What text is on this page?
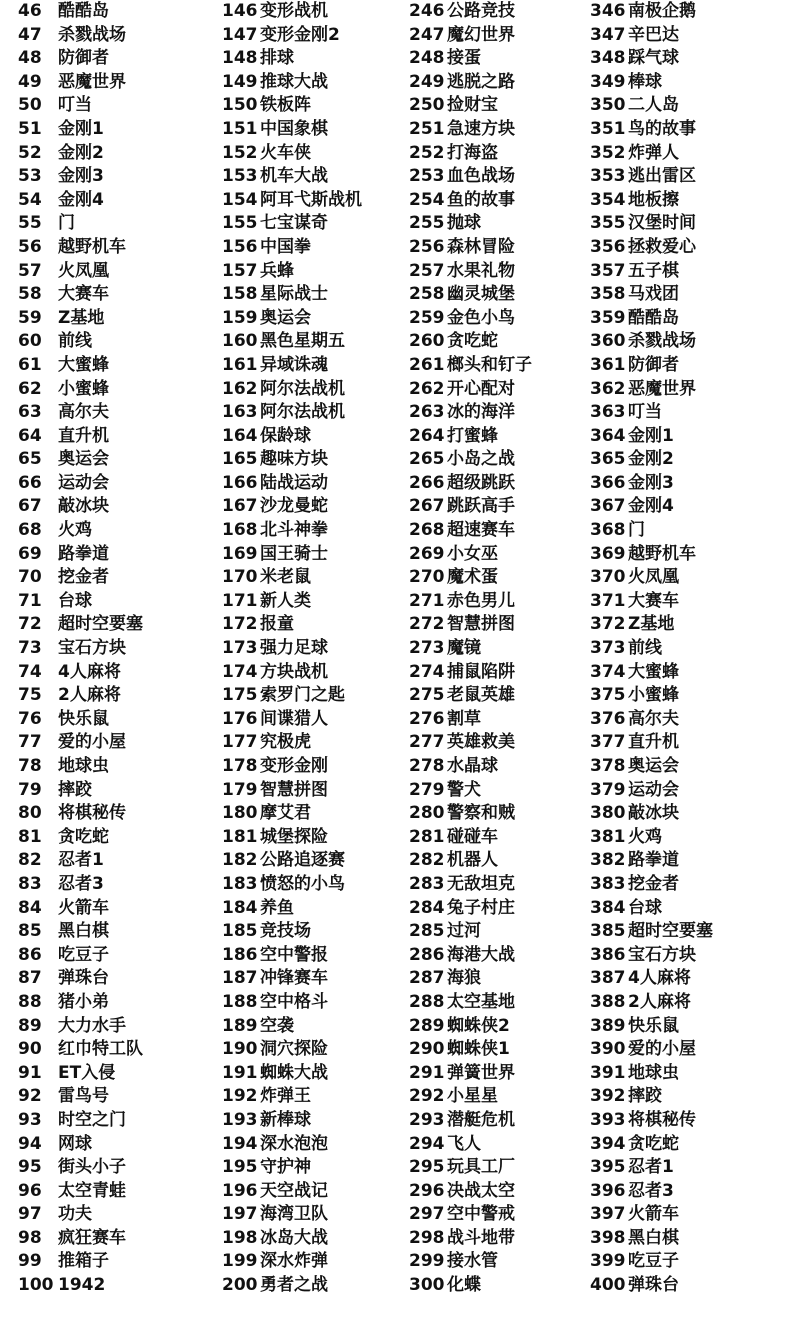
46 酷酷岛
47 杀戮战场
48 防御者
49 恶魔世界
50 叮当
51 金刚1
52 金刚2
53 金刚3
54 金刚4
55 门
56 越野机车
57 火凤凰
58 大赛车
59 Z基地
60 前线
61 大蜜蜂
62 小蜜蜂
63 高尔夫
64 直升机
65 奥运会
66 运动会
67 敲冰块
68 火鸡
69 路拳道
70 挖金者
71 台球
72 超时空要塞
73 宝石方块
74 4人麻将
75 2人麻将
76 快乐鼠
77 爱的小屋
78 地球虫
79 摔跤
80 将棋秘传
81 贪吃蛇
82 忍者1
83 忍者3
84 火箭车
85 黑白棋
86 吃豆子
87 弹珠台
88 猪小弟
89 大力水手
90 红巾特工队
91 ET入侵
92 雷鸟号
93 时空之门
94 网球
95 街头小子
96 太空青蛙
97 功夫
98 疯狂赛车
99 推箱子
100 1942
146 变形战机
147 变形金刚2
148 排球
149 推球大战
150 铁板阵
151 中国象棋
152 火车侠
153 机车大战
154 阿耳弋斯战机
155 七宝谋奇
156 中国拳
157 兵蜂
158 星际战士
159 奥运会
160 黑色星期五
161 异域诛魂
162 阿尔法战机
163 阿尔法战机
164 保龄球
165 趣味方块
166 陆战运动
167 沙龙曼蛇
168 北斗神拳
169 国王骑士
170 米老鼠
171 新人类
172 报童
173 强力足球
174 方块战机
175 索罗门之匙
176 间谍猎人
177 究极虎
178 变形金刚
179 智慧拼图
180 摩艾君
181 城堡探险
182 公路追逐赛
183 愤怒的小鸟
184 养鱼
185 竞技场
186 空中警报
187 冲锋赛车
188 空中格斗
189 空袭
190 洞穴探险
191 蜘蛛大战
192 炸弹王
193 新棒球
194 深水泡泡
195 守护神
196 天空战记
197 海湾卫队
198 冰岛大战
199 深水炸弹
200 勇者之战
246 公路竞技
247 魔幻世界
248 接蛋
249 逃脱之路
250 捡财宝
251 急速方块
252 打海盗
253 血色战场
254 鱼的故事
255 抛球
256 森林冒险
257 水果礼物
258 幽灵城堡
259 金色小鸟
260 贪吃蛇
261 榔头和钉子
262 开心配对
263 冰的海洋
264 打蜜蜂
265 小岛之战
266 超级跳跃
267 跳跃高手
268 超速赛车
269 小女巫
270 魔术蛋
271 赤色男儿
272 智慧拼图
273 魔镜
274 捕鼠陷阱
275 老鼠英雄
276 割草
277 英雄救美
278 水晶球
279 警犬
280 警察和贼
281 碰碰车
282 机器人
283 无敌坦克
284 兔子村庄
285 过河
286 海港大战
287 海狼
288 太空基地
289 蜘蛛侠2
290 蜘蛛侠1
291 弹簧世界
292 小星星
293 潜艇危机
294 飞人
295 玩具工厂
296 决战太空
297 空中警戒
298 战斗地带
299 接水管
300 化蝶
346 南极企鹅
347 辛巴达
348 踩气球
349 棒球
350 二人岛
351 鸟的故事
352 炸弹人
353 逃出雷区
354 地板擦
355 汉堡时间
356 拯救爱心
357 五子棋
358 马戏团
359 酷酷岛
360 杀戮战场
361 防御者
362 恶魔世界
363 叮当
364 金刚1
365 金刚2
366 金刚3
367 金刚4
368 门
369 越野机车
370 火凤凰
371 大赛车
372 Z基地
373 前线
374 大蜜蜂
375 小蜜蜂
376 高尔夫
377 直升机
378 奥运会
379 运动会
380 敲冰块
381 火鸡
382 路拳道
383 挖金者
384 台球
385 超时空要塞
386 宝石方块
387 4人麻将
388 2人麻将
389 快乐鼠
390 爱的小屋
391 地球虫
392 摔跤
393 将棋秘传
394 贪吃蛇
395 忍者1
396 忍者3
397 火箭车
398 黑白棋
399 吃豆子
400 弹珠台
